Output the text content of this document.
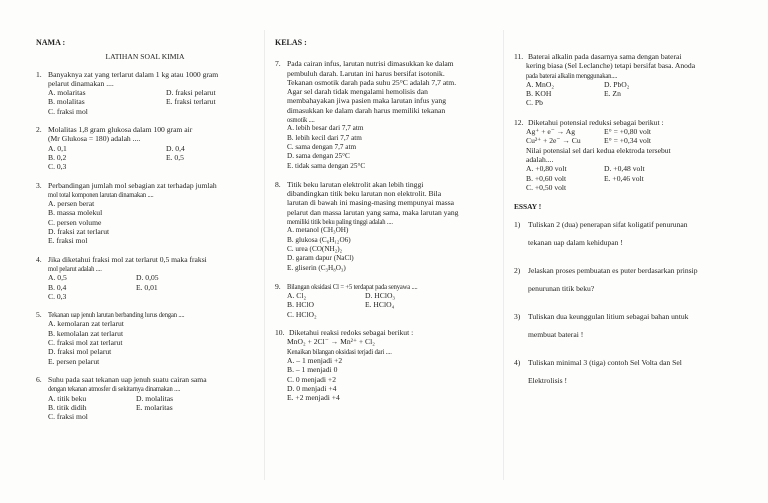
NAMA :
LATIHAN SOAL KIMIA
1. Banyaknya zat yang terlarut dalam 1 kg atau 1000 gram
pelarut dinamakan ....
A. molaritas	D. fraksi pelarut
B. molalitas	E. fraksi terlarut
C. fraksi mol
2. Molalitas 1,8 gram glukosa dalam 100 gram air
(Mr Glukosa = 180) adalah ....
A. 0,1	D. 0,4
B. 0,2	E. 0,5
C. 0,3
3. Perbandingan jumlah mol sebagian zat terhadap jumlah
mol total komponen larutan dinamakan ....
A. persen berat
B. massa molekul
C. persen volume
D. fraksi zat terlarut
E. fraksi mol
4. Jika diketahui fraksi mol zat terlarut 0,5 maka fraksi
mol pelarut adalah ....
A. 0,5	D. 0,05
B. 0,4	E. 0,01
C. 0,3
5. Tekanan uap jenuh larutan berbanding lurus dengan ....
A. kemolaran zat terlarut
B. kemolalan zat terlarut
C. fraksi mol zat terlarut
D. fraksi mol pelarut
E. persen pelarut
6. Suhu pada saat tekanan uap jenuh suatu cairan sama
dengan tekanan atmosfer di sekitarnya dinamakan ....
A. titik beku	D. molalitas
B. titik didih	E. molaritas
C. fraksi mol
KELAS :
7. Pada cairan infus, larutan nutrisi dimasukkan ke dalam
pembuluh darah. Larutan ini harus bersifat isotonik.
Tekanan osmotik darah pada suhu 25°C adalah 7,7 atm.
Agar sel darah tidak mengalami hemolisis dan
membahayakan jiwa pasien maka larutan infus yang
dimasukkan ke dalam darah harus memiliki tekanan
osmotik ....
A. lebih besar dari 7,7 atm
B. lebih kecil dari 7,7 atm
C. sama dengan 7,7 atm
D. sama dengan 25°C
E. tidak sama dengan 25°C
8. Titik beku larutan elektrolit akan lebih tinggi
dibandingkan titik beku larutan non elektrolit. Bila
larutan di bawah ini masing-masing mempunyai massa
pelarut dan massa larutan yang sama, maka larutan yang
memiliki titik beku paling tinggi adalah ....
A. metanol (CH₃OH)
B. glukosa (C₆H₁₂O6)
C. urea (CO(NH₂)₂
D. garam dapur (NaCl)
E. gliserin (C₃H₈O₃)
9. Bilangan oksidasi Cl = +5 terdapat pada senyawa ....
A. Cl₂	D. HClO₃
B. HClO	E. HClO₄
C. HClO₂
10. Diketahui reaksi redoks sebagai berikut :
MnO₂ + 2Cl⁻ → Mn²⁺ + Cl₂
Kenaikan bilangan oksidasi terjadi dari ....
A. – 1 menjadi +2
B. – 1 menjadi 0
C. 0 menjadi +2
D. 0 menjadi +4
E. +2 menjadi +4
11. Baterai alkalin pada dasarnya sama dengan baterai
kering biasa (Sel Leclanche) tetapi bersifat basa. Anoda
pada baterai alkalin menggunakan....
A. MnO₂	D. PbO₂
B. KOH	E. Zn
C. Pb
12. Diketahui potensial reduksi sebagai berikut :
Ag⁺ + e⁻ → Ag	E° = +0,80 volt
Cu²⁺ + 2e⁻ → Cu	E° = +0,34 volt
Nilai potensial sel dari kedua elektroda tersebut
adalah....
A. +0,80 volt	D. +0,48 volt
B. +0,60 volt	E. +0,46 volt
C. +0,50 volt
ESSAY !
1)	Tuliskan 2 (dua) penerapan sifat koligatif penurunan
tekanan uap dalam kehidupan !
2)	Jelaskan proses pembuatan es puter berdasarkan prinsip
penurunan titik beku?
3)	Tuliskan dua keunggulan litium sebagai bahan untuk
membuat baterai !
4)	Tuliskan minimal 3 (tiga) contoh Sel Volta dan Sel
Elektrolisis !
